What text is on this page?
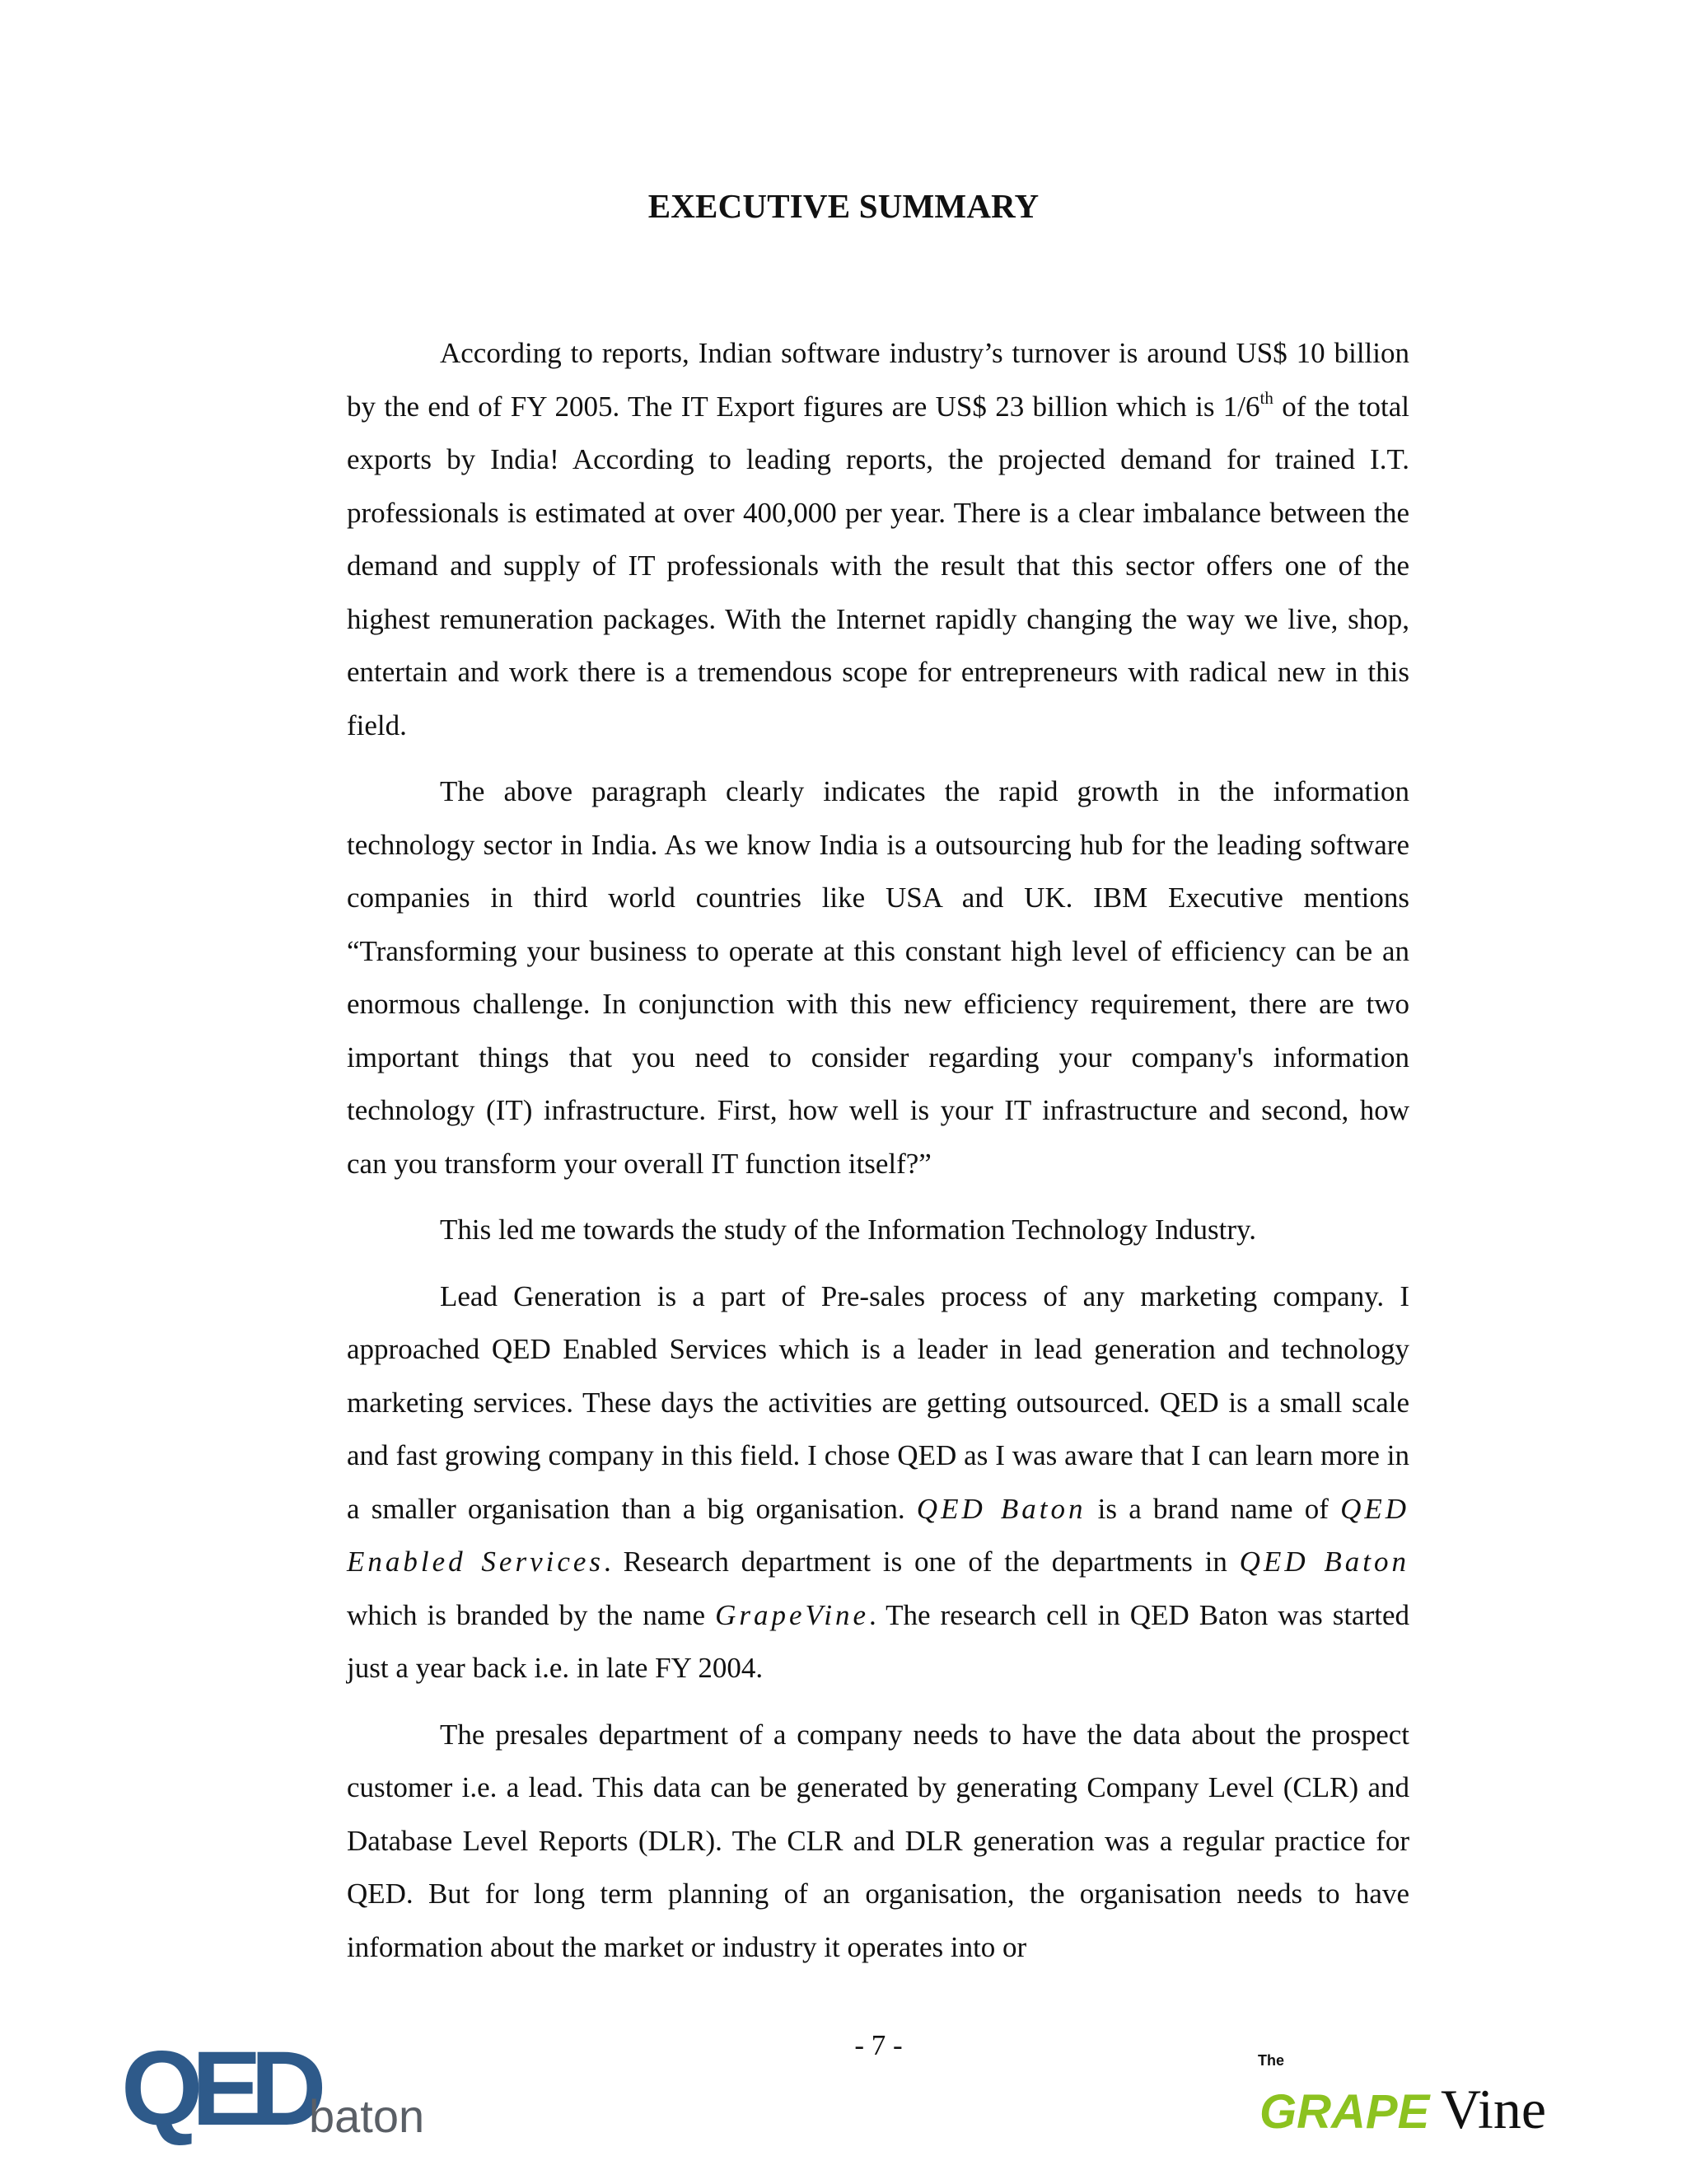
EXECUTIVE SUMMARY

According to reports, Indian software industry’s turnover is around US$ 10 billion by the end of FY 2005. The IT Export figures are US$ 23 billion which is 1/6th of the total exports by India! According to leading reports, the projected demand for trained I.T. professionals is estimated at over 400,000 per year. There is a clear imbalance between the demand and supply of IT professionals with the result that this sector offers one of the highest remuneration packages. With the Internet rapidly changing the way we live, shop, entertain and work there is a tremendous scope for entrepreneurs with radical new in this field.

The above paragraph clearly indicates the rapid growth in the information technology sector in India. As we know India is a outsourcing hub for the leading software companies in third world countries like USA and UK. IBM Executive mentions “Transforming your business to operate at this constant high level of efficiency can be an enormous challenge. In conjunction with this new efficiency requirement, there are two important things that you need to consider regarding your company's information technology (IT) infrastructure. First, how well is your IT infrastructure and second, how can you transform your overall IT function itself?”

This led me towards the study of the Information Technology Industry.

Lead Generation is a part of Pre-sales process of any marketing company. I approached QED Enabled Services which is a leader in lead generation and technology marketing services. These days the activities are getting outsourced. QED is a small scale and fast growing company in this field. I chose QED as I was aware that I can learn more in a smaller organisation than a big organisation. QED Baton is a brand name of QED Enabled Services. Research department is one of the departments in QED Baton which is branded by the name GrapeVine. The research cell in QED Baton was started just a year back i.e. in late FY 2004.

The presales department of a company needs to have the data about the prospect customer i.e. a lead. This data can be generated by generating Company Level (CLR) and Database Level Reports (DLR). The CLR and DLR generation was a regular practice for QED. But for long term planning of an organisation, the organisation needs to have information about the market or industry it operates into or

- 7 -
QED
baton
The
GRAPE Vine
